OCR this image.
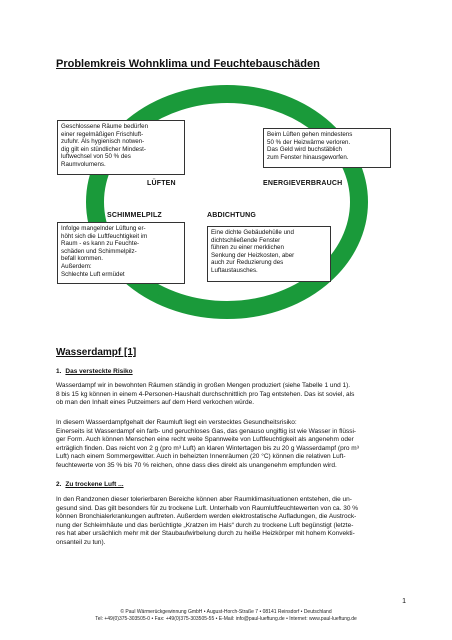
Problemkreis Wohnklima und Feuchtebauschäden
Geschlossene Räume bedürfen
einer regelmäßigen Frischluft-
zufuhr. Als hygienisch notwen-
dig gilt ein stündlicher Mindest-
luftwechsel von 50 % des
Raumvolumens.
LÜFTEN
Beim Lüften gehen mindestens
50 % der Heizwärme verloren.
Das Geld wird buchstäblich
zum Fenster hinausgeworfen.
ENERGIEVERBRAUCH
SCHIMMELPILZ
Infolge mangelnder Lüftung er-
höht sich die Luftfeuchtigkeit im
Raum - es kann zu Feuchte-
schäden und Schimmelpilz-
befall kommen.
Außerdem:
Schlechte Luft ermüdet
ABDICHTUNG
Eine dichte Gebäudehülle und
dichtschließende Fenster
führen zu einer merklichen
Senkung der Heizkosten, aber
auch zur Reduzierung des
Luftaustausches.
Wasserdampf [1]
1. Das versteckte Risiko
Wasserdampf wir in bewohnten Räumen ständig in großen Mengen produziert (siehe Tabelle 1 und 1).
8 bis 15 kg können in einem 4-Personen-Haushalt durchschnittlich pro Tag entstehen. Das ist soviel, als
ob man den Inhalt eines Putzeimers auf dem Herd verkochen würde.
In diesem Wasserdampfgehalt der Raumluft liegt ein verstecktes Gesundheitsrisiko:
Einerseits ist Wasserdampf ein farb- und geruchloses Gas, das genauso ungiftig ist wie Wasser in flüssi-
ger Form. Auch können Menschen eine recht weite Spannweite von Luftfeuchtigkeit als angenehm oder
erträglich finden. Das reicht von 2 g (pro m³ Luft) an klaren Wintertagen bis zu 20 g Wasserdampf (pro m³
Luft) nach einem Sommergewitter. Auch in beheizten Innenräumen (20 °C) können die relativen Luft-
feuchtewerte von 35 % bis 70 % reichen, ohne dass dies direkt als unangenehm empfunden wird.
2. Zu trockene Luft ...
In den Randzonen dieser tolerierbaren Bereiche können aber Raumklimasituationen entstehen, die un-
gesund sind. Das gilt besonders für zu trockene Luft. Unterhalb von Raumluftfeuchtewerten von ca. 30 %
können Bronchialerkrankungen auftreten. Außerdem werden elektrostatische Aufladungen, die Austrock-
nung der Schleimhäute und das berüchtigte „Kratzen im Hals“ durch zu trockene Luft begünstigt (letzte-
res hat aber ursächlich mehr mit der Staubaufwirbelung durch zu heiße Heizkörper mit hohem Konvekti-
onsanteil zu tun).
1
© Paul Wärmerückgewinnung GmbH • August-Horch-Straße 7 • 08141 Reinsdorf • Deutschland
Tel: +49(0)375-303505-0 • Fax: +49(0)375-303505-55 • E-Mail: info@paul-lueftung.de • Internet: www.paul-lueftung.de
